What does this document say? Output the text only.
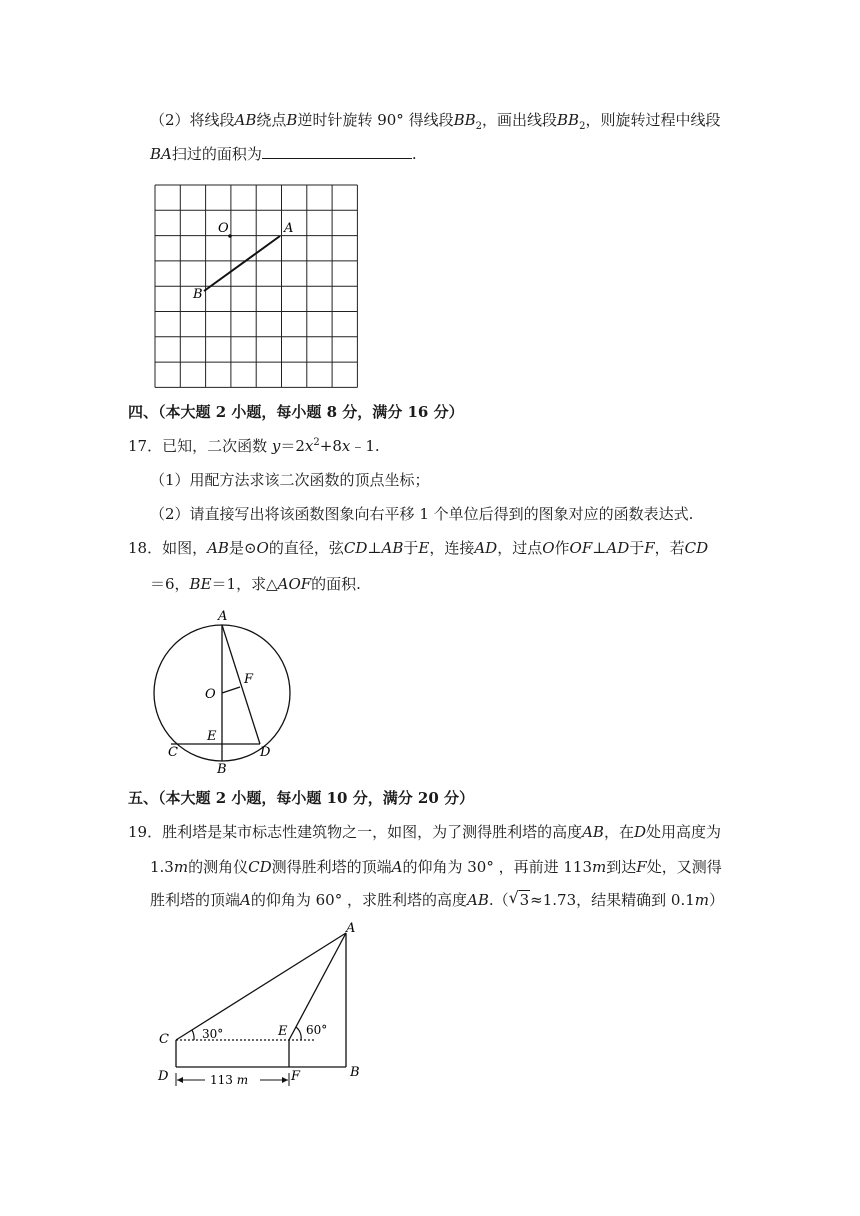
（2）将线段AB绕点B逆时针旋转 90° 得线段$BB_2$，画出线段$BB_2$，则旋转过程中线段
BA扫过的面积为	.
O	A
B
四、（本大题 2 小题，每小题 8 分，满分 16 分）
17．已知，二次函数 $y=2x^2+8x﹣1$.
（1）用配方法求该二次函数的顶点坐标；
（2）请直接写出将该函数图象向右平移 1 个单位后得到的图象对应的函数表达式.
18．如图，AB是⊙O的直径，弦CD⊥AB于E，连接AD，过点O作OF⊥AD于F，若CD
＝6，BE＝1，求△AOF的面积.
A
F
O
E
C	D
B
五、（本大题 2 小题，每小题 10 分，满分 20 分）
19．胜利塔是某市标志性建筑物之一，如图，为了测得胜利塔的高度AB，在D处用高度为
1.3m的测角仪CD测得胜利塔的顶端A的仰角为 30° ，再前进 113m到达F处，又测得
胜利塔的顶端A的仰角为 60° ，求胜利塔的高度AB.（ √ 3≈1.73，结果精确到 0.1m）
A
C
E
30°	60°
D	F	B
113 m
